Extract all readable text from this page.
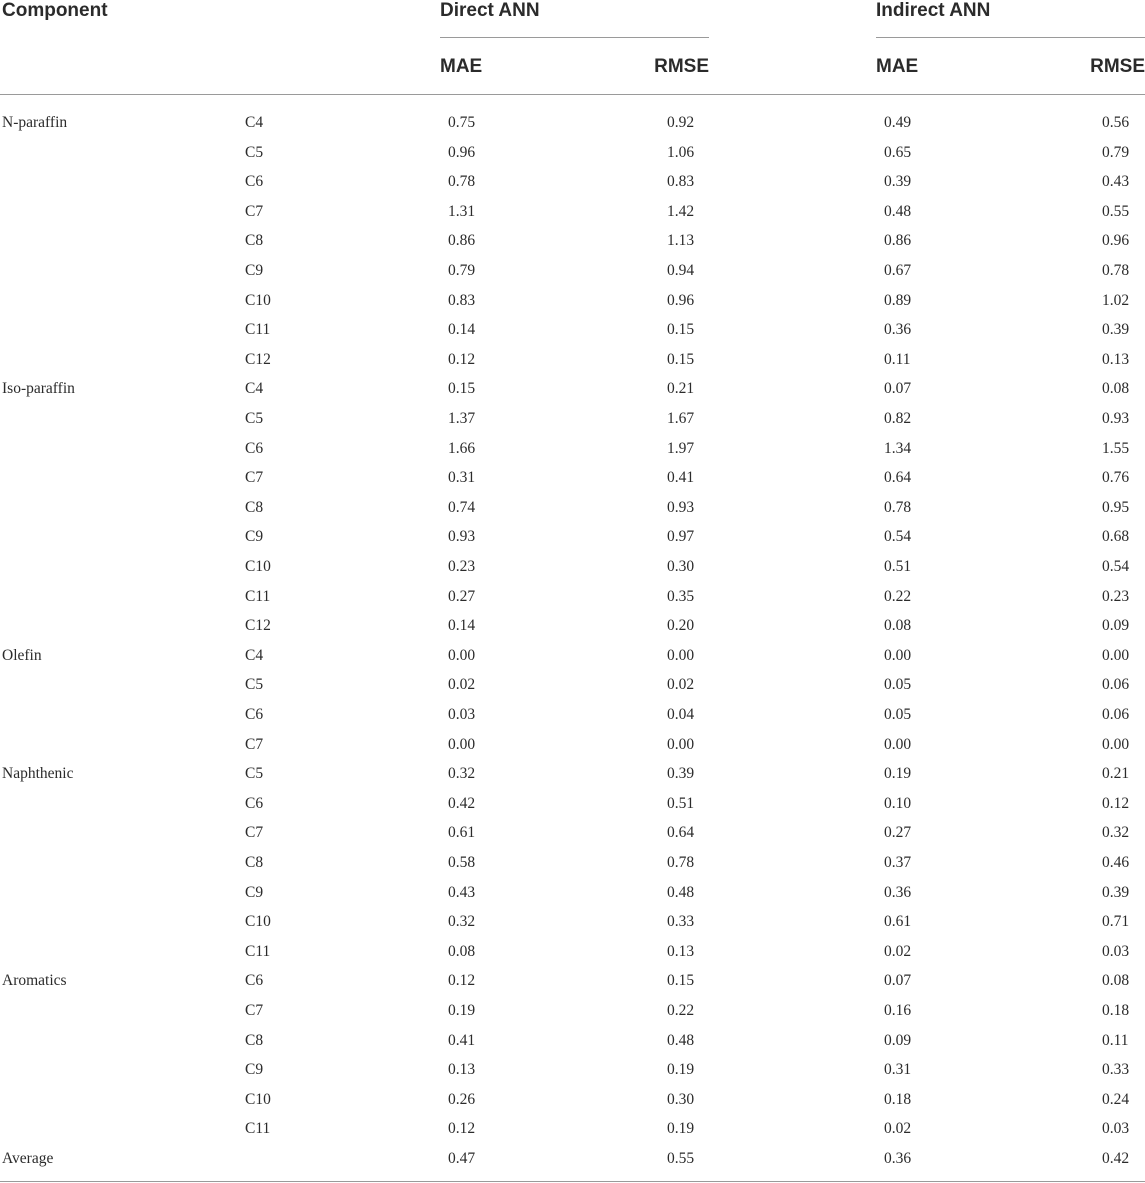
Component	Direct ANN	Indirect ANN
MAE	RMSE	MAE	RMSE
N-paraffin	C4	0.75	0.92	0.49	0.56
C5	0.96	1.06	0.65	0.79
C6	0.78	0.83	0.39	0.43
C7	1.31	1.42	0.48	0.55
C8	0.86	1.13	0.86	0.96
C9	0.79	0.94	0.67	0.78
C10	0.83	0.96	0.89	1.02
C11	0.14	0.15	0.36	0.39
C12	0.12	0.15	0.11	0.13
Iso-paraffin	C4	0.15	0.21	0.07	0.08
C5	1.37	1.67	0.82	0.93
C6	1.66	1.97	1.34	1.55
C7	0.31	0.41	0.64	0.76
C8	0.74	0.93	0.78	0.95
C9	0.93	0.97	0.54	0.68
C10	0.23	0.30	0.51	0.54
C11	0.27	0.35	0.22	0.23
C12	0.14	0.20	0.08	0.09
Olefin	C4	0.00	0.00	0.00	0.00
C5	0.02	0.02	0.05	0.06
C6	0.03	0.04	0.05	0.06
C7	0.00	0.00	0.00	0.00
Naphthenic	C5	0.32	0.39	0.19	0.21
C6	0.42	0.51	0.10	0.12
C7	0.61	0.64	0.27	0.32
C8	0.58	0.78	0.37	0.46
C9	0.43	0.48	0.36	0.39
C10	0.32	0.33	0.61	0.71
C11	0.08	0.13	0.02	0.03
Aromatics	C6	0.12	0.15	0.07	0.08
C7	0.19	0.22	0.16	0.18
C8	0.41	0.48	0.09	0.11
C9	0.13	0.19	0.31	0.33
C10	0.26	0.30	0.18	0.24
C11	0.12	0.19	0.02	0.03
Average	0.47	0.55	0.36	0.42
